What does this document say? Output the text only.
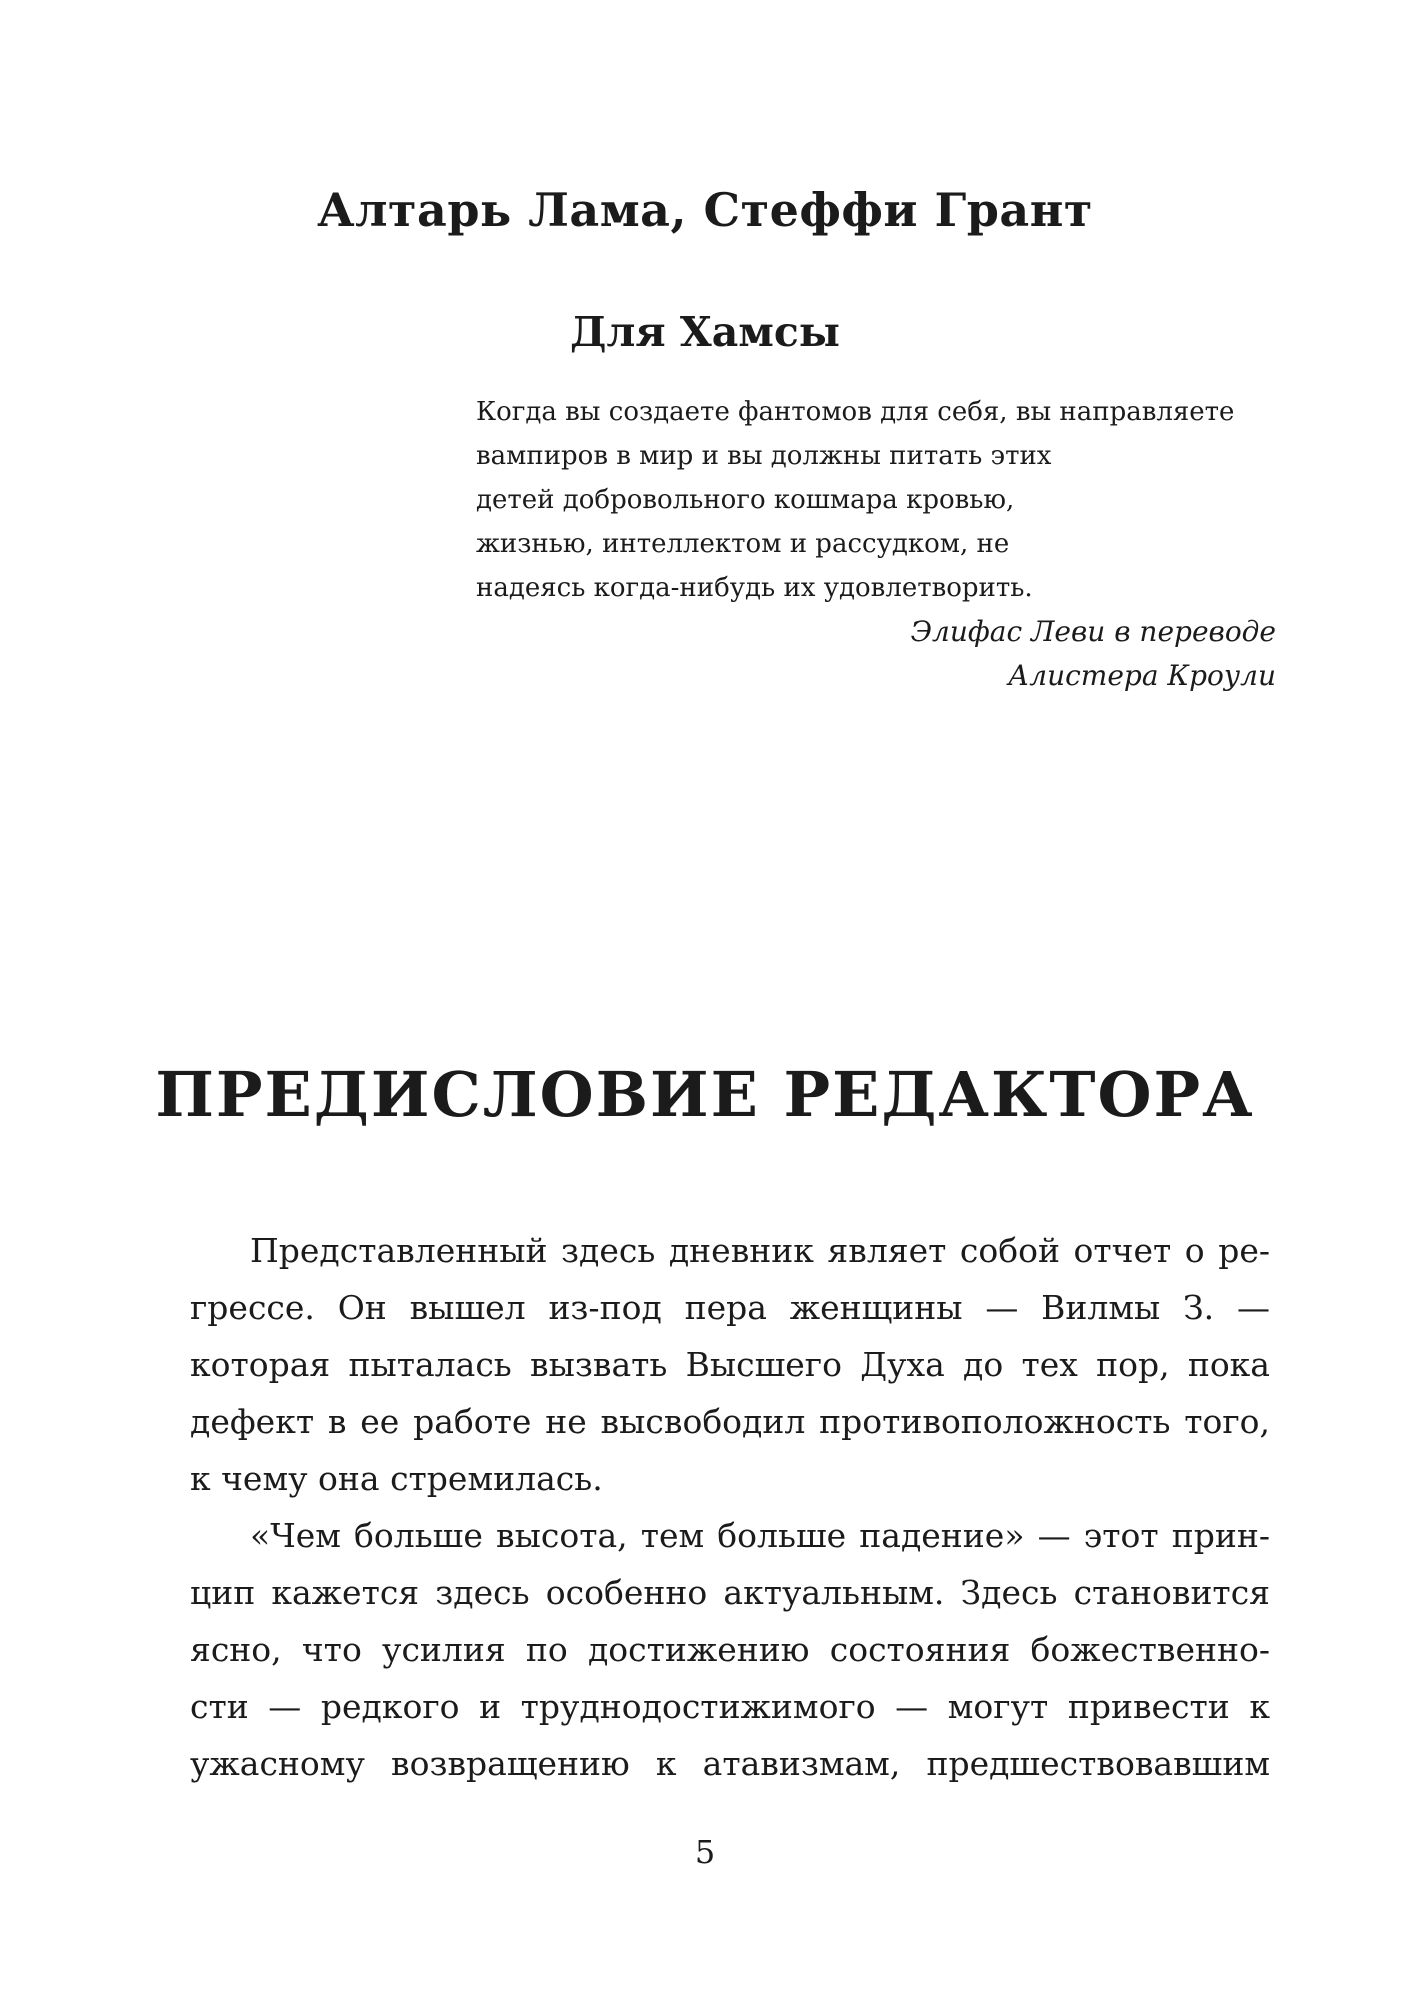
Алтарь Лама, Стеффи Грант
Для Хамсы
Когда вы создаете фантомов для себя, вы направляете
вампиров в мир и вы должны питать этих
детей добровольного кошмара кровью,
жизнью, интеллектом и рассудком, не
надеясь когда-нибудь их удовлетворить.
Элифас Леви в переводе
Алистера Кроули
ПРЕДИСЛОВИЕ РЕДАКТОРА
Представленный здесь дневник являет собой отчет о ре-
грессе. Он вышел из-под пера женщины — Вилмы З. —
которая пыталась вызвать Высшего Духа до тех пор, пока
дефект в ее работе не высвободил противоположность того,
к чему она стремилась.
«Чем больше высота, тем больше падение» — этот прин-
цип кажется здесь особенно актуальным. Здесь становится
ясно, что усилия по достижению состояния божественно-
сти — редкого и труднодостижимого — могут привести к
ужасному возвращению к атавизмам, предшествовавшим
5
